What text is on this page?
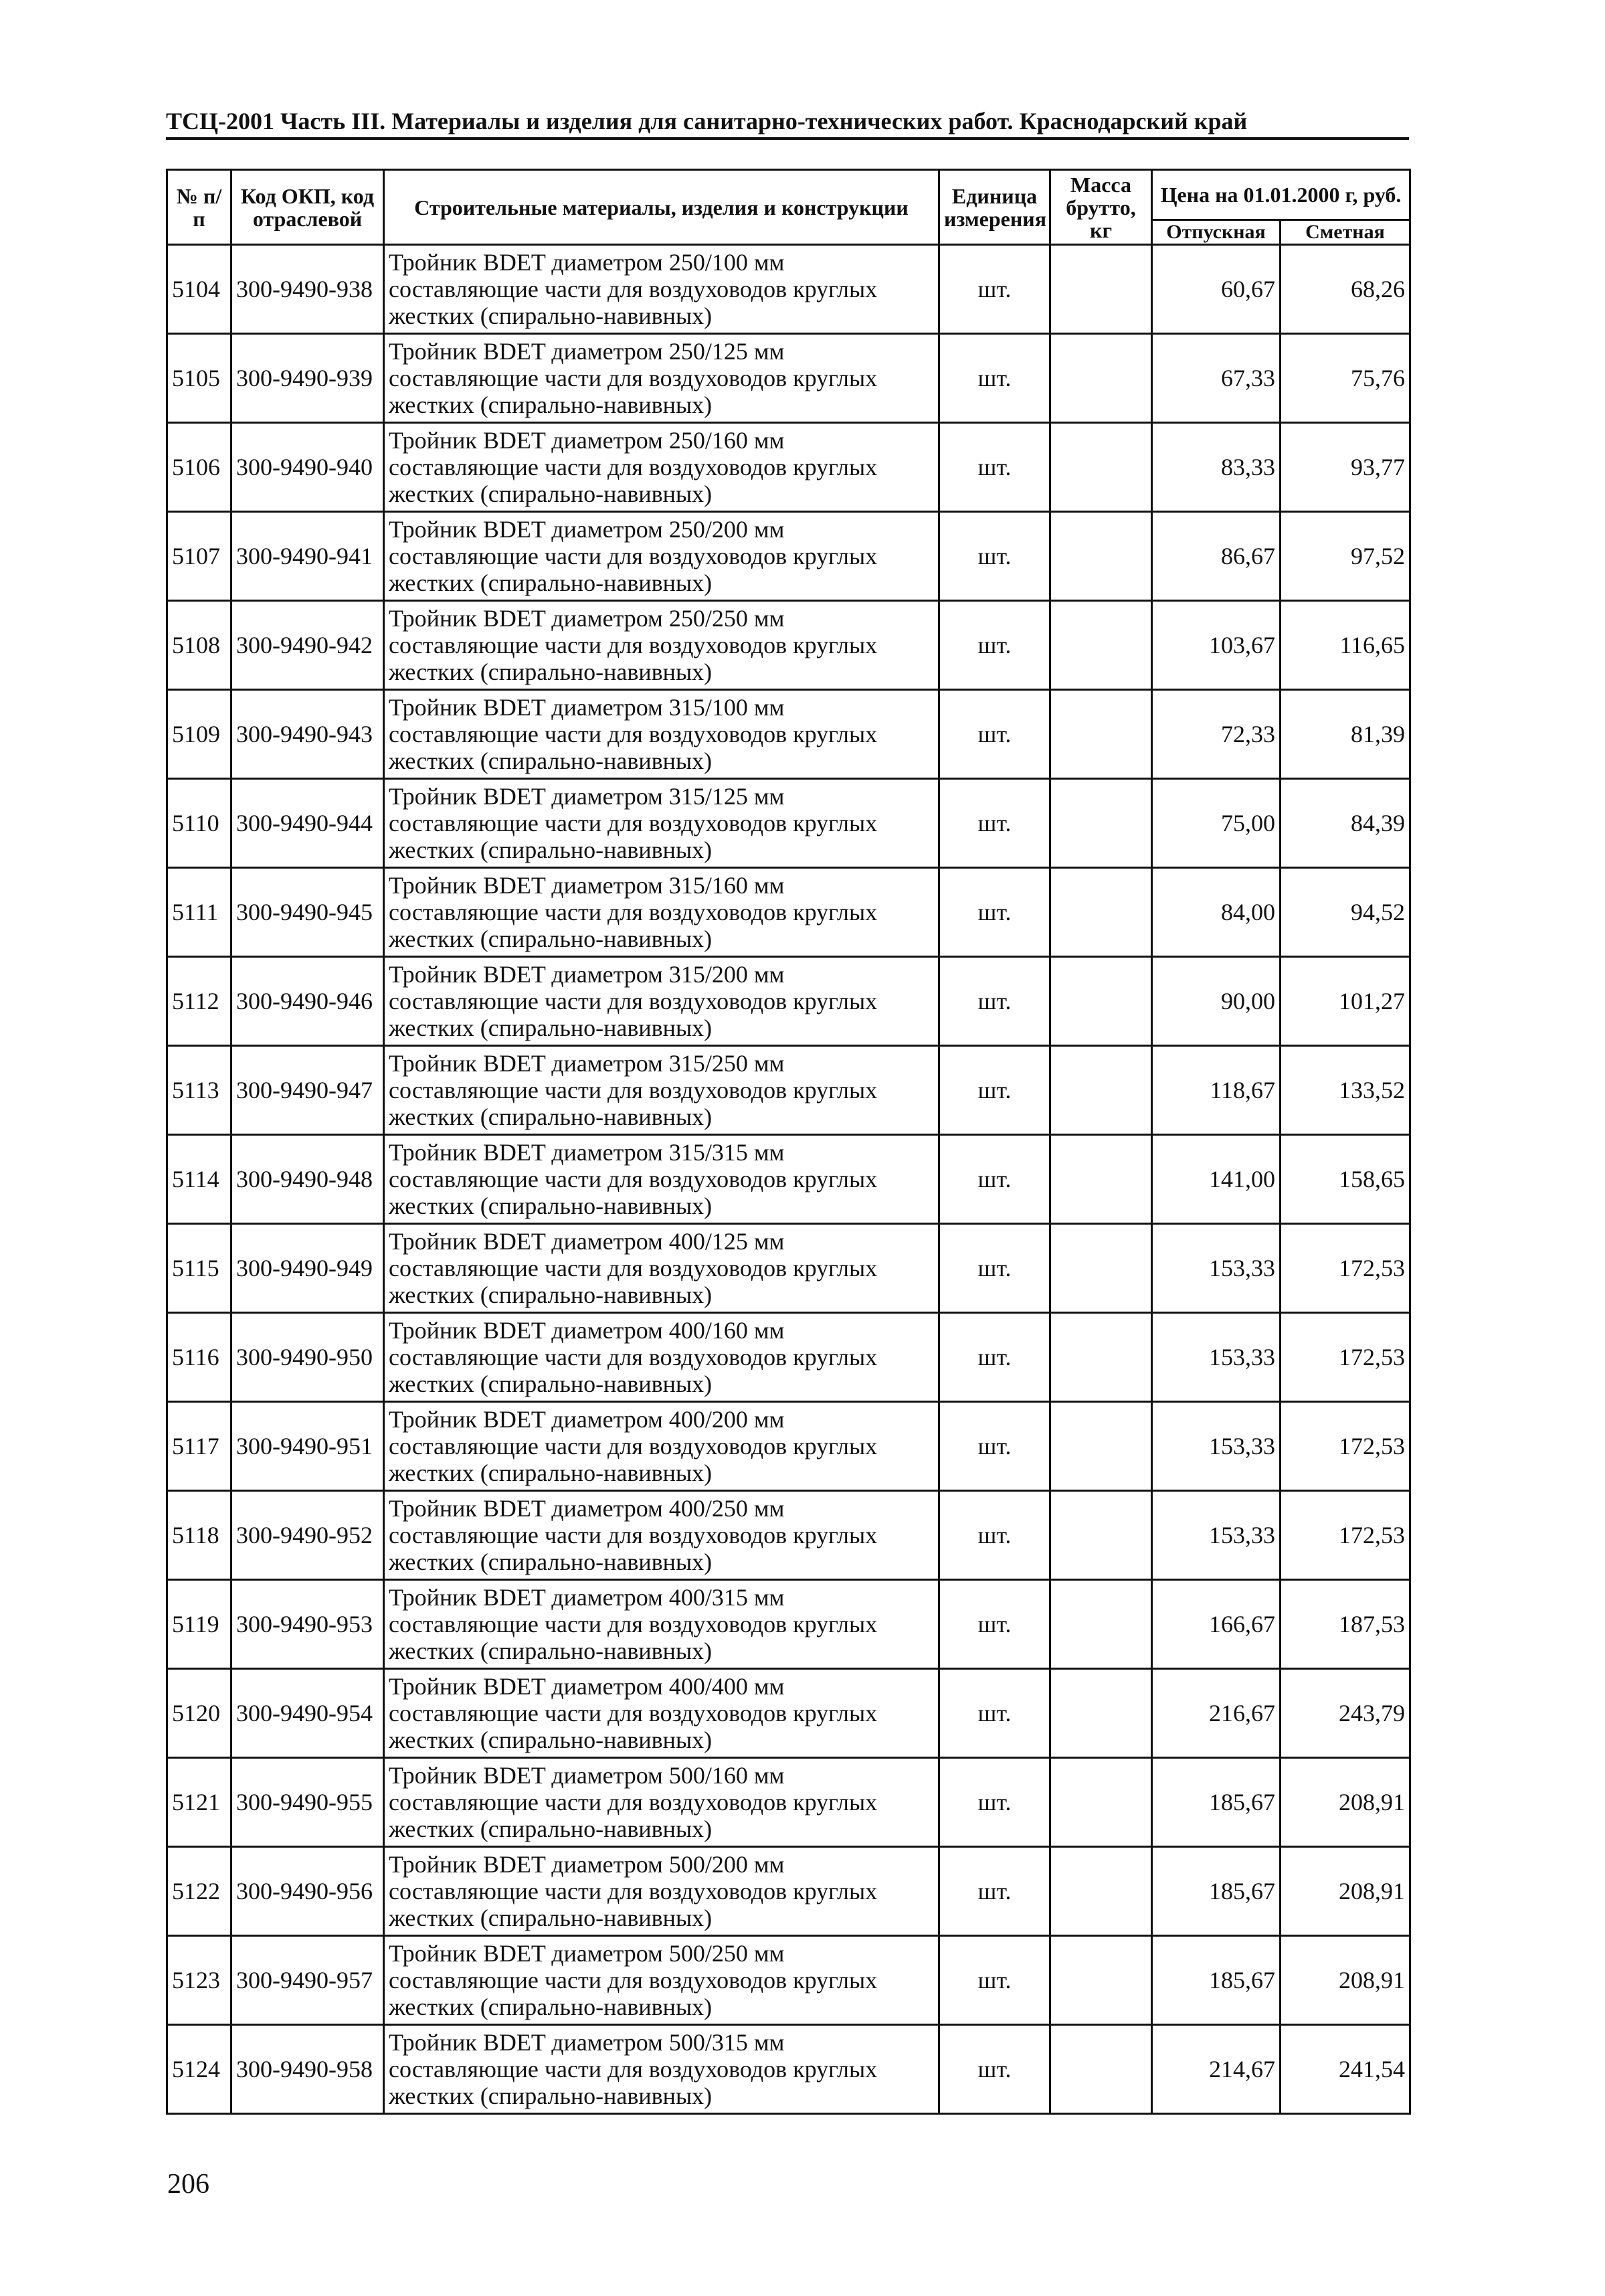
ТСЦ-2001 Часть III. Материалы и изделия для санитарно-технических работ. Краснодарский край
№ п/п	Код ОКП, код отраслевой	Строительные материалы, изделия и конструкции	Единица измерения	Масса брутто, кг	Цена на 01.01.2000 г, руб.	
					Отпускная	Сметная
5104	300-9490-938	Тройник BDET диаметром 250/100 мм составляющие части для воздуховодов круглых жестких (спирально-навивных)	шт.		60,67	68,26
5105	300-9490-939	Тройник BDET диаметром 250/125 мм составляющие части для воздуховодов круглых жестких (спирально-навивных)	шт.		67,33	75,76
5106	300-9490-940	Тройник BDET диаметром 250/160 мм составляющие части для воздуховодов круглых жестких (спирально-навивных)	шт.		83,33	93,77
5107	300-9490-941	Тройник BDET диаметром 250/200 мм составляющие части для воздуховодов круглых жестких (спирально-навивных)	шт.		86,67	97,52
5108	300-9490-942	Тройник BDET диаметром 250/250 мм составляющие части для воздуховодов круглых жестких (спирально-навивных)	шт.		103,67	116,65
5109	300-9490-943	Тройник BDET диаметром 315/100 мм составляющие части для воздуховодов круглых жестких (спирально-навивных)	шт.		72,33	81,39
5110	300-9490-944	Тройник BDET диаметром 315/125 мм составляющие части для воздуховодов круглых жестких (спирально-навивных)	шт.		75,00	84,39
5111	300-9490-945	Тройник BDET диаметром 315/160 мм составляющие части для воздуховодов круглых жестких (спирально-навивных)	шт.		84,00	94,52
5112	300-9490-946	Тройник BDET диаметром 315/200 мм составляющие части для воздуховодов круглых жестких (спирально-навивных)	шт.		90,00	101,27
5113	300-9490-947	Тройник BDET диаметром 315/250 мм составляющие части для воздуховодов круглых жестких (спирально-навивных)	шт.		118,67	133,52
5114	300-9490-948	Тройник BDET диаметром 315/315 мм составляющие части для воздуховодов круглых жестких (спирально-навивных)	шт.		141,00	158,65
5115	300-9490-949	Тройник BDET диаметром 400/125 мм составляющие части для воздуховодов круглых жестких (спирально-навивных)	шт.		153,33	172,53
5116	300-9490-950	Тройник BDET диаметром 400/160 мм составляющие части для воздуховодов круглых жестких (спирально-навивных)	шт.		153,33	172,53
5117	300-9490-951	Тройник BDET диаметром 400/200 мм составляющие части для воздуховодов круглых жестких (спирально-навивных)	шт.		153,33	172,53
5118	300-9490-952	Тройник BDET диаметром 400/250 мм составляющие части для воздуховодов круглых жестких (спирально-навивных)	шт.		153,33	172,53
5119	300-9490-953	Тройник BDET диаметром 400/315 мм составляющие части для воздуховодов круглых жестких (спирально-навивных)	шт.		166,67	187,53
5120	300-9490-954	Тройник BDET диаметром 400/400 мм составляющие части для воздуховодов круглых жестких (спирально-навивных)	шт.		216,67	243,79
5121	300-9490-955	Тройник BDET диаметром 500/160 мм составляющие части для воздуховодов круглых жестких (спирально-навивных)	шт.		185,67	208,91
5122	300-9490-956	Тройник BDET диаметром 500/200 мм составляющие части для воздуховодов круглых жестких (спирально-навивных)	шт.		185,67	208,91
5123	300-9490-957	Тройник BDET диаметром 500/250 мм составляющие части для воздуховодов круглых жестких (спирально-навивных)	шт.		185,67	208,91
5124	300-9490-958	Тройник BDET диаметром 500/315 мм составляющие части для воздуховодов круглых жестких (спирально-навивных)	шт.		214,67	241,54
206
